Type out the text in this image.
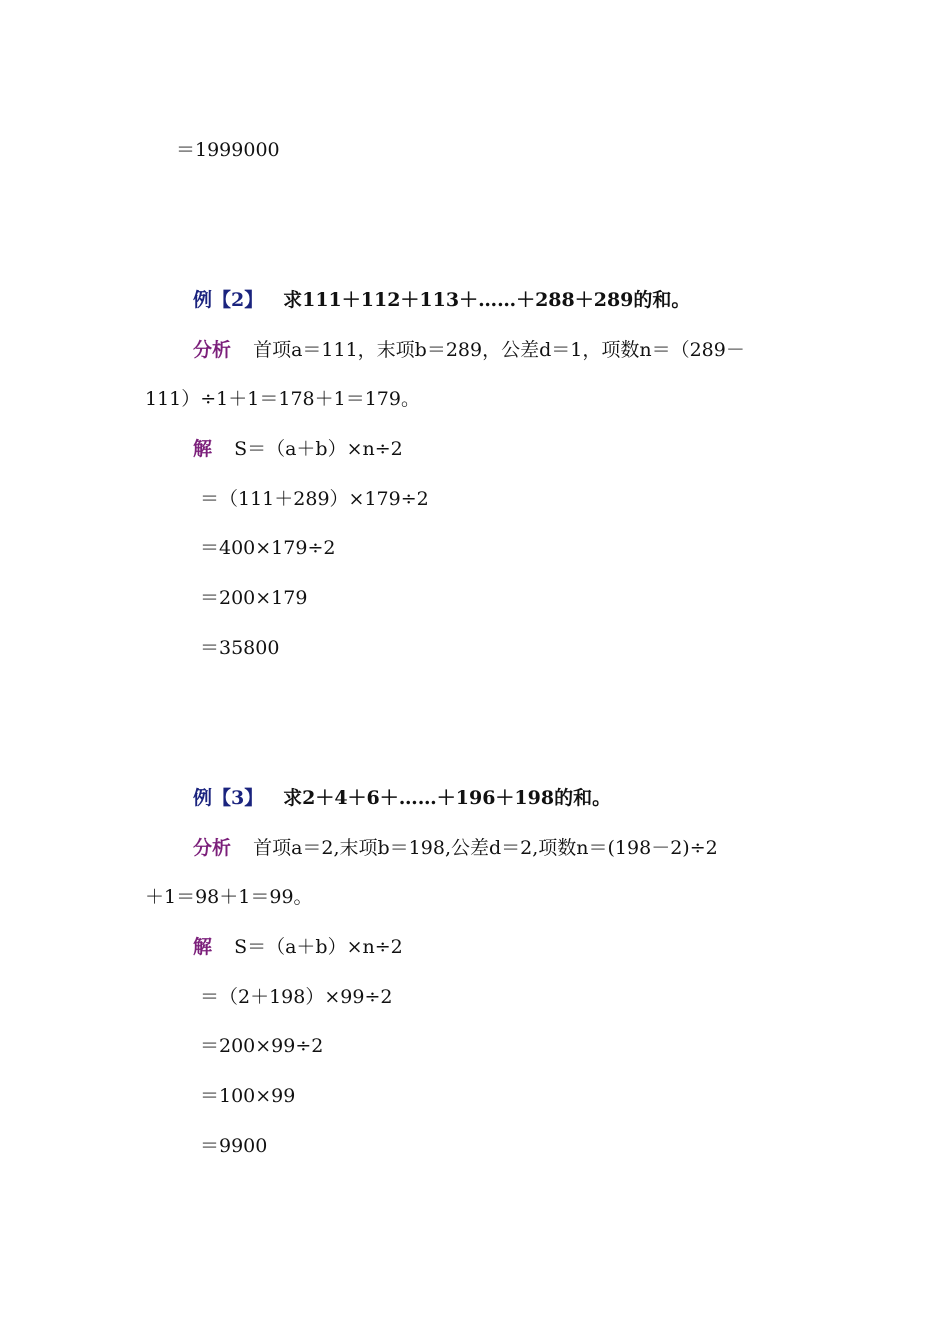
＝1999000
例【2】 求111＋112＋113＋……＋288＋289的和。
分析 首项a＝111，末项b＝289，公差d＝1，项数n＝（289－
111）÷1＋1＝178＋1＝179。
解 S＝（a＋b）×n÷2
＝（111＋289）×179÷2
＝400×179÷2
＝200×179
＝35800
例【3】 求2＋4＋6＋……＋196＋198的和。
分析 首项a＝2,末项b＝198,公差d＝2,项数n＝(198－2)÷2
＋1＝98＋1＝99。
解 S＝（a＋b）×n÷2
＝（2＋198）×99÷2
＝200×99÷2
＝100×99
＝9900
